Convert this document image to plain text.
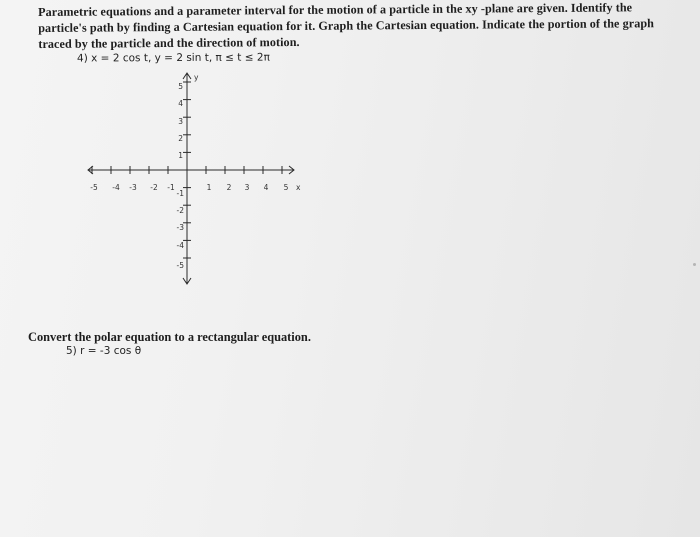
Parametric equations and a parameter interval for the motion of a particle in the xy -plane are given. Identify the
particle's path by finding a Cartesian equation for it. Graph the Cartesian equation. Indicate the portion of the graph
traced by the particle and the direction of motion.
4) x = 2 cos t, y = 2 sin t, π ≤ t ≤ 2π
y
x
-5 -4 -3 -2 -1	1 2 3 4 5
5
4
3
2
1
-1
-2
-3
-4
-5
Convert the polar equation to a rectangular equation.
5) r = -3 cos θ
